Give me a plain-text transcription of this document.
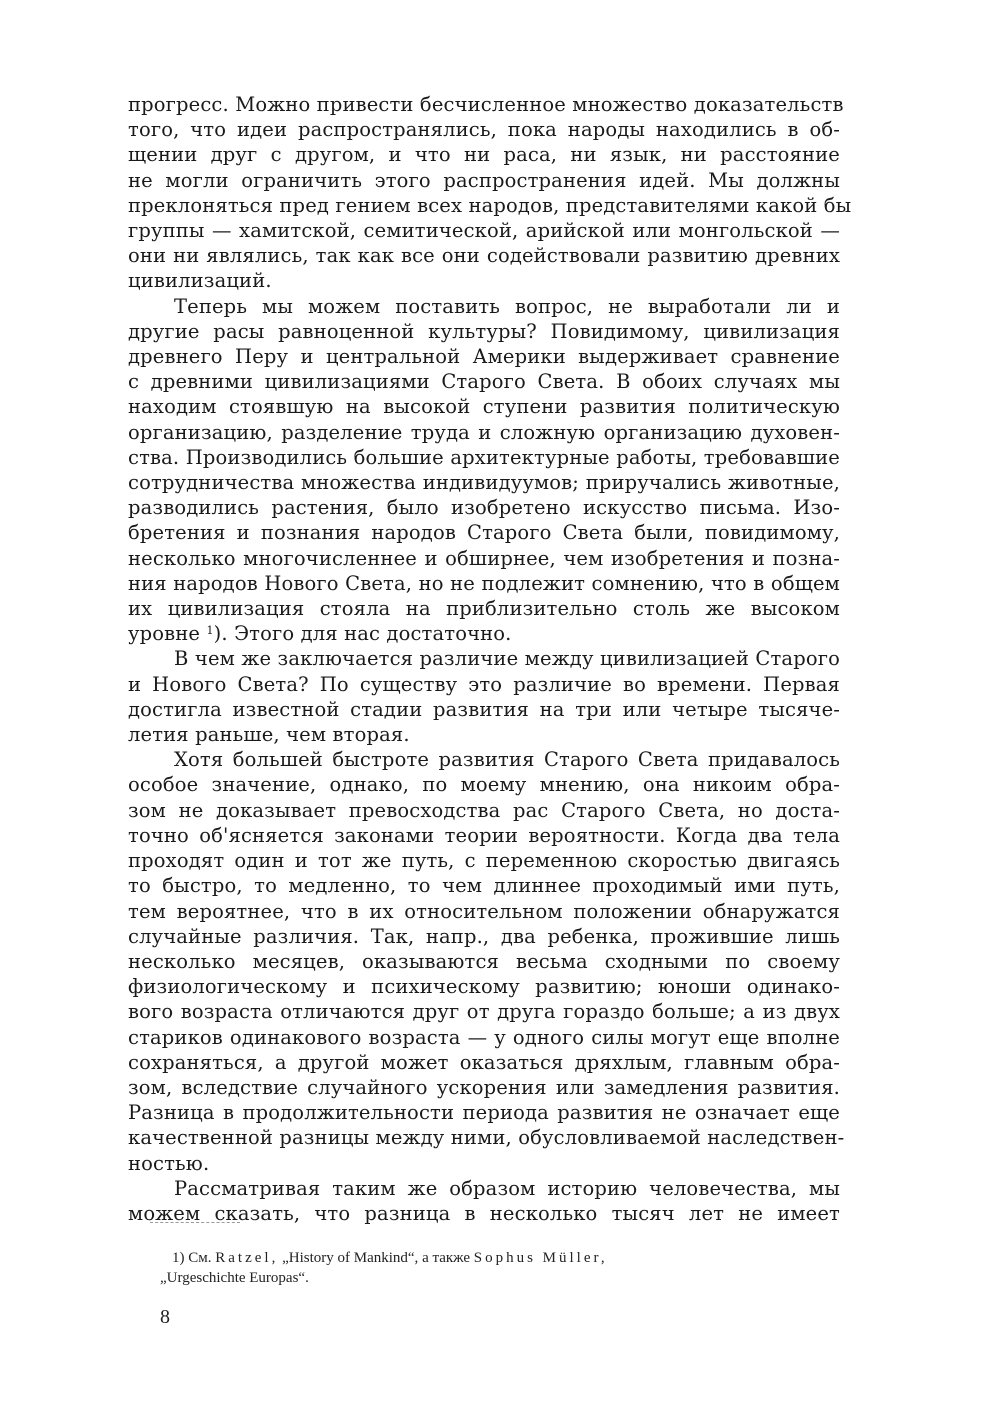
прогресс. Можно привести бесчисленное множество доказательств
того, что идеи распространялись, пока народы находились в об-
щении друг с другом, и что ни раса, ни язык, ни расстояние
не могли ограничить этого распространения идей. Мы должны
преклоняться пред гением всех народов, представителями какой бы
группы — хамитской, семитической, арийской или монгольской —
они ни являлись, так как все они содействовали развитию древних
цивилизаций.

Теперь мы можем поставить вопрос, не выработали ли и
другие расы равноценной культуры? Повидимому, цивилизация
древнего Перу и центральной Америки выдерживает сравнение
с древними цивилизациями Старого Света. В обоих случаях мы
находим стоявшую на высокой ступени развития политическую
организацию, разделение труда и сложную организацию духовен-
ства. Производились большие архитектурные работы, требовавшие
сотрудничества множества индивидуумов; приручались животные,
разводились растения, было изобретено искусство письма. Изо-
бретения и познания народов Старого Света были, повидимому,
несколько многочисленнее и обширнее, чем изобретения и позна-
ния народов Нового Света, но не подлежит сомнению, что в общем
их цивилизация стояла на приблизительно столь же высоком
уровне $^1$). Этого для нас достаточно.

В чем же заключается различие между цивилизацией Старого
и Нового Света? По существу это различие во времени. Первая
достигла известной стадии развития на три или четыре тысяче-
летия раньше, чем вторая.

Хотя большей быстроте развития Старого Света придавалось
особое значение, однако, по моему мнению, она никоим обра-
зом не доказывает превосходства рас Старого Света, но доста-
точно об'ясняется законами теории вероятности. Когда два тела
проходят один и тот же путь, с переменною скоростью двигаясь
то быстро, то медленно, то чем длиннее проходимый ими путь,
тем вероятнее, что в их относительном положении обнаружатся
случайные различия. Так, напр., два ребенка, прожившие лишь
несколько месяцев, оказываются весьма сходными по своему
физиологическому и психическому развитию; юноши одинако-
вого возраста отличаются друг от друга гораздо больше; а из двух
стариков одинакового возраста — у одного силы могут еще вполне
сохраняться, а другой может оказаться дряхлым, главным обра-
зом, вследствие случайного ускорения или замедления развития.
Разница в продолжительности периода развития не означает еще
качественной разницы между ними, обусловливаемой наследствен-
ностью.

Рассматривая таким же образом историю человечества, мы
можем сказать, что разница в несколько тысяч лет не имеет

1) См. Ratzel, „History of Mankind“, а также Sophus Müller,
„Urgeschichte Europas“.
8
